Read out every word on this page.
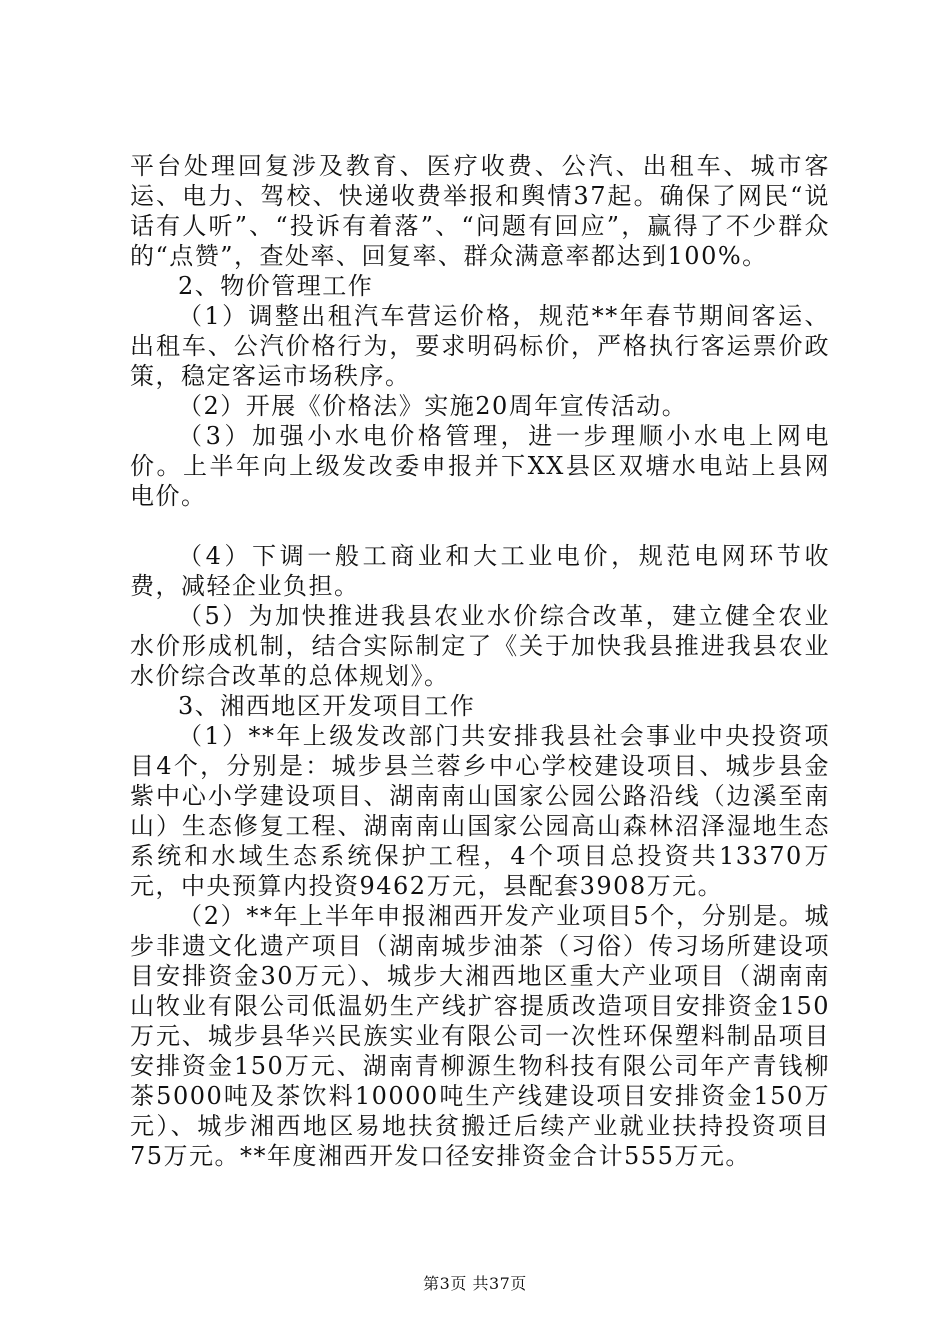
平台处理回复涉及教育、医疗收费、公汽、出租车、城市客运、电力、驾校、快递收费举报和舆情37起。确保了网民“说话有人听”、“投诉有着落”、“问题有回应”，赢得了不少群众的“点赞”，查处率、回复率、群众满意率都达到100%。

2、物价管理工作

（1）调整出租汽车营运价格，规范**年春节期间客运、出租车、公汽价格行为，要求明码标价，严格执行客运票价政策，稳定客运市场秩序。

（2）开展《价格法》实施20周年宣传活动。

（3）加强小水电价格管理，进一步理顺小水电上网电价。上半年向上级发改委申报并下XX县区双塘水电站上县网电价。

（4）下调一般工商业和大工业电价，规范电网环节收费，减轻企业负担。

（5）为加快推进我县农业水价综合改革，建立健全农业水价形成机制，结合实际制定了《关于加快我县推进我县农业水价综合改革的总体规划》。

3、湘西地区开发项目工作

（1）**年上级发改部门共安排我县社会事业中央投资项目4个，分别是：城步县兰蓉乡中心学校建设项目、城步县金紫中心小学建设项目、湖南南山国家公园公路沿线（边溪至南山）生态修复工程、湖南南山国家公园高山森林沼泽湿地生态系统和水域生态系统保护工程，4个项目总投资共13370万元，中央预算内投资9462万元，县配套3908万元。

（2）**年上半年申报湘西开发产业项目5个，分别是。城步非遗文化遗产项目（湖南城步油茶（习俗）传习场所建设项目安排资金30万元）、城步大湘西地区重大产业项目（湖南南山牧业有限公司低温奶生产线扩容提质改造项目安排资金150万元、城步县华兴民族实业有限公司一次性环保塑料制品项目安排资金150万元、湖南青柳源生物科技有限公司年产青钱柳茶5000吨及茶饮料10000吨生产线建设项目安排资金150万元）、城步湘西地区易地扶贫搬迁后续产业就业扶持投资项目75万元。**年度湘西开发口径安排资金合计555万元。

第3页 共37页
